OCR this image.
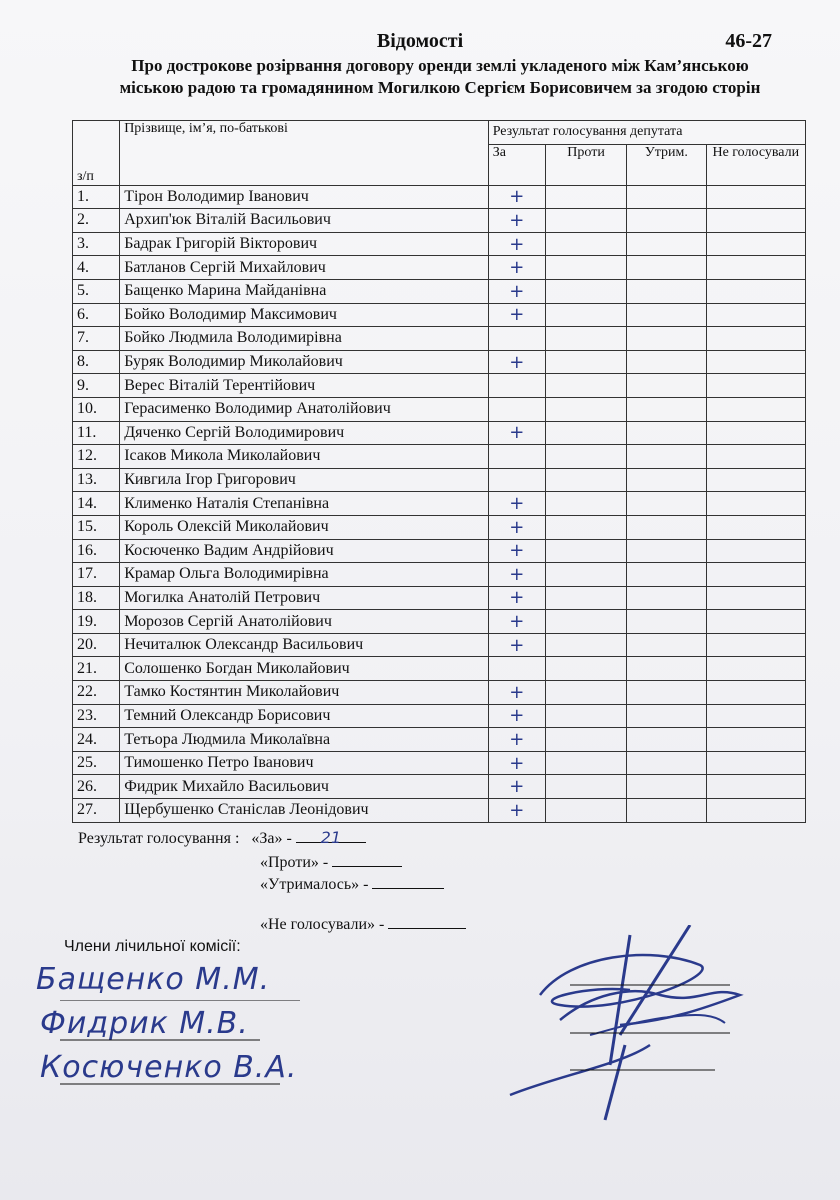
Відомості	46-27
Про дострокове розірвання договору оренди землі укладеного між Кам’янською міською радою та громадянином Могилкою Сергієм Борисовичем за згодою сторін
з/п	Прізвище, ім’я, по-батькові	Результат голосування депутата			
		За	Проти	Утрим.	Не голосували
1.	Тірон Володимир Іванович	+			
2.	Архип'юк Віталій Васильович	+			
3.	Бадрак Григорій Вікторович	+			
4.	Батланов Сергій Михайлович	+			
5.	Бащенко Марина Майданівна	+			
6.	Бойко Володимир Максимович	+			
7.	Бойко Людмила Володимирівна				
8.	Буряк Володимир Миколайович	+			
9.	Верес Віталій Терентійович				
10.	Герасименко Володимир Анатолійович				
11.	Дяченко Сергій Володимирович	+			
12.	Ісаков Микола Миколайович				
13.	Кивгила Ігор Григорович				
14.	Клименко Наталія Степанівна	+			
15.	Король Олексій Миколайович	+			
16.	Косюченко Вадим Андрійович	+			
17.	Крамар Ольга Володимирівна	+			
18.	Могилка Анатолій Петрович	+			
19.	Морозов Сергій Анатолійович	+			
20.	Нечиталюк Олександр Васильович	+			
21.	Солошенко Богдан Миколайович				
22.	Тамко Костянтин Миколайович	+			
23.	Темний Олександр Борисович	+			
24.	Тетьора Людмила Миколаївна	+			
25.	Тимошенко Петро Іванович	+			
26.	Фидрик Михайло Васильович	+			
27.	Щербушенко Станіслав Леонідович	+			
Результат голосування : «За» - 21
«Проти» -
«Утрималось» -
«Не голосували» -
Члени лічильної комісії:
Бащенко М.М.
Фидрик М.В.
Косюченко В.А.
